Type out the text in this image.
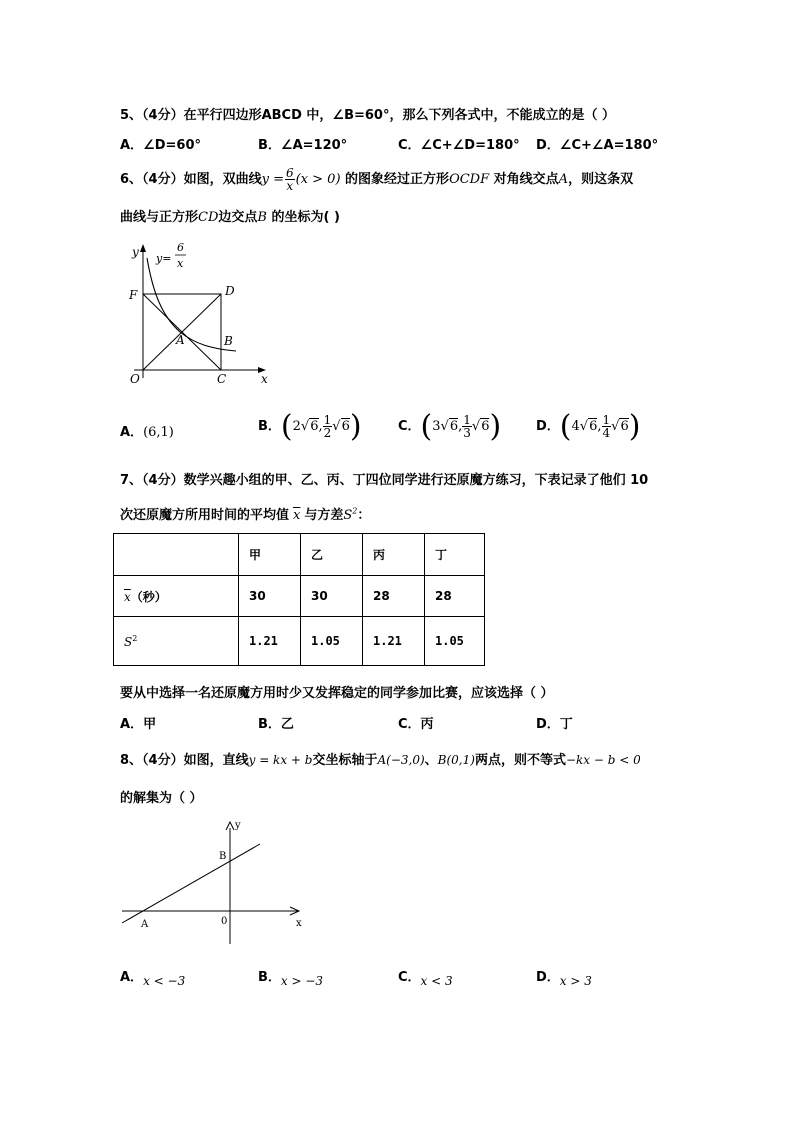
5、（4分）在平行四边形ABCD 中，∠B=60°，那么下列各式中，不能成立的是（ ）
A．∠D=60°	B．∠A=120°	C．∠C+∠D=180° D．∠C+∠A=180°
6、（4分）如图，双曲线$y = \frac{6}{x} (x > 0)$ 的图象经过正方形OCDF 对角线交点A，则这条双
曲线与正方形CD边交点B 的坐标为( )
y
x
y=
6
x
F	D
A	B
O	C
A．(6,1)	B．(2√6, $\frac{1}{2} √6$)	C．(3√6, $\frac{1}{3} √6$)	D．(4√6, $\frac{1}{4} √6$)
7、（4分）数学兴趣小组的甲、乙、丙、丁四位同学进行还原魔方练习，下表记录了他们 10
次还原魔方所用时间的平均值 $\overline{x}$ 与方差$S^2$：
	甲	乙	丙	丁
$\overline{x}$（秒）	30	30	28	28
$S^2$	1.21	1.05	1.21	1.05
要从中选择一名还原魔方用时少又发挥稳定的同学参加比赛，应该选择（ ）
A．甲	B．乙	C．丙	D．丁
8、（4分）如图，直线y = kx + b交坐标轴于A(−3,0)、B(0,1)两点，则不等式−kx − b < 0
的解集为（ ）
y
x
B
A	0
A．x < −3	B．x > −3	C．x < 3	D．x > 3
